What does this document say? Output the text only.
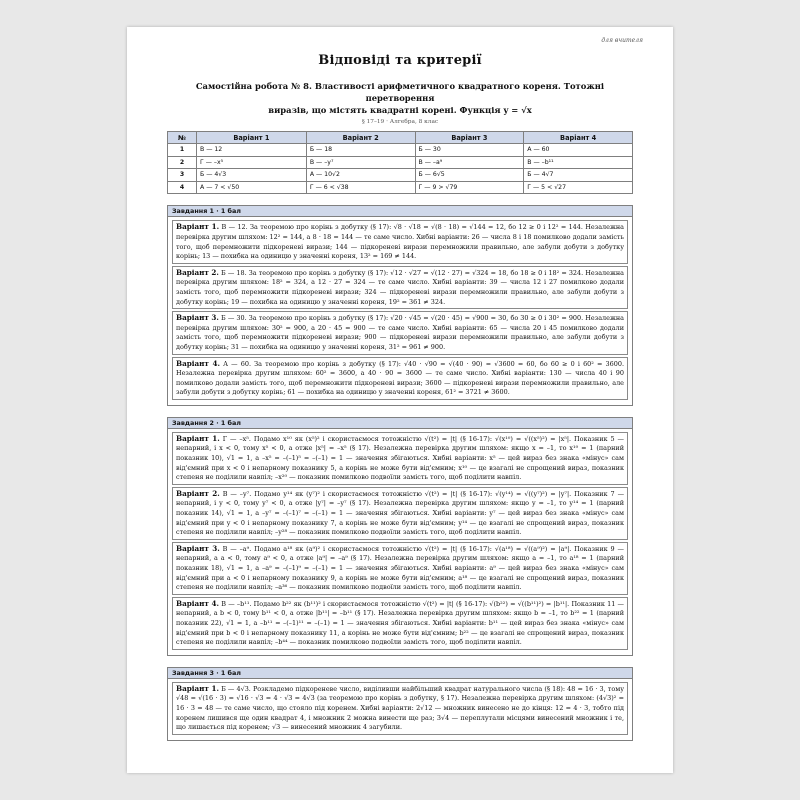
для вчителя
Відповіді та критерії
Самостійна робота № 8. Властивості арифметичного квадратного кореня. Тотожні перетворення
виразів, що містять квадратні корені. Функція y = √x
§ 17–19 · Алгебра, 8 клас
№	Варіант 1	Варіант 2	Варіант 3	Варіант 4
1	В — 12	Б — 18	Б — 30	А — 60
2	Г — –x⁵	В — –y⁷	В — –a⁹	В — –b¹¹
3	Б — 4√3	А — 10√2	Б — 6√5	Б — 4√7
4	А — 7 < √50	Г — 6 < √38	Г — 9 > √79	Г — 5 < √27
Завдання 1 · 1 бал
Варіант 1. В — 12. За теоремою про корінь з добутку (§ 17): √8 · √18 = √(8 · 18) = √144 = 12, бо 12 ≥ 0 і 12² = 144. Незалежна перевірка другим шляхом: 12² = 144, а 8 · 18 = 144 — те саме число. Хибні варіанти: 26 — числа 8 і 18 помилково додали замість того, щоб перемножити підкореневі вирази; 144 — підкореневі вирази перемножили правильно, але забули добути з добутку корінь; 13 — похибка на одиницю у значенні кореня, 13² = 169 ≠ 144.
Варіант 2. Б — 18. За теоремою про корінь з добутку (§ 17): √12 · √27 = √(12 · 27) = √324 = 18, бо 18 ≥ 0 і 18² = 324. Незалежна перевірка другим шляхом: 18² = 324, а 12 · 27 = 324 — те саме число. Хибні варіанти: 39 — числа 12 і 27 помилково додали замість того, щоб перемножити підкореневі вирази; 324 — підкореневі вирази перемножили правильно, але забули добути з добутку корінь; 19 — похибка на одиницю у значенні кореня, 19² = 361 ≠ 324.
Варіант 3. Б — 30. За теоремою про корінь з добутку (§ 17): √20 · √45 = √(20 · 45) = √900 = 30, бо 30 ≥ 0 і 30² = 900. Незалежна перевірка другим шляхом: 30² = 900, а 20 · 45 = 900 — те саме число. Хибні варіанти: 65 — числа 20 і 45 помилково додали замість того, щоб перемножити підкореневі вирази; 900 — підкореневі вирази перемножили правильно, але забули добути з добутку корінь; 31 — похибка на одиницю у значенні кореня, 31² = 961 ≠ 900.
Варіант 4. А — 60. За теоремою про корінь з добутку (§ 17): √40 · √90 = √(40 · 90) = √3600 = 60, бо 60 ≥ 0 і 60² = 3600. Незалежна перевірка другим шляхом: 60² = 3600, а 40 · 90 = 3600 — те саме число. Хибні варіанти: 130 — числа 40 і 90 помилково додали замість того, щоб перемножити підкореневі вирази; 3600 — підкореневі вирази перемножили правильно, але забули добути з добутку корінь; 61 — похибка на одиницю у значенні кореня, 61² = 3721 ≠ 3600.
Завдання 2 · 1 бал
Варіант 1. Г — –x⁵. Подамо x¹⁰ як (x⁵)² і скористаємося тотожністю √(t²) = |t| (§ 16-17): √(x¹⁰) = √((x⁵)²) = |x⁵|. Показник 5 — непарний, і x < 0, тому x⁵ < 0, а отже |x⁵| = –x⁵ (§ 17). Незалежна перевірка другим шляхом: якщо x = –1, то x¹⁰ = 1 (парний показник 10), √1 = 1, а –x⁵ = –(–1)⁵ = –(–1) = 1 — значення збігаються. Хибні варіанти: x⁵ — цей вираз без знака «мінус» сам від'ємний при x < 0 і непарному показнику 5, а корінь не може бути від'ємним; x¹⁰ — це взагалі не спрощений вираз, показник степеня не поділили навпіл; –x²⁰ — показник помилково подвоїли замість того, щоб поділити навпіл.
Варіант 2. В — –y⁷. Подамо y¹⁴ як (y⁷)² і скористаємося тотожністю √(t²) = |t| (§ 16-17): √(y¹⁴) = √((y⁷)²) = |y⁷|. Показник 7 — непарний, і y < 0, тому y⁷ < 0, а отже |y⁷| = –y⁷ (§ 17). Незалежна перевірка другим шляхом: якщо y = –1, то y¹⁴ = 1 (парний показник 14), √1 = 1, а –y⁷ = –(–1)⁷ = –(–1) = 1 — значення збігаються. Хибні варіанти: y⁷ — цей вираз без знака «мінус» сам від'ємний при y < 0 і непарному показнику 7, а корінь не може бути від'ємним; y¹⁴ — це взагалі не спрощений вираз, показник степеня не поділили навпіл; –y²⁸ — показник помилково подвоїли замість того, щоб поділити навпіл.
Варіант 3. В — –a⁹. Подамо a¹⁸ як (a⁹)² і скористаємося тотожністю √(t²) = |t| (§ 16-17): √(a¹⁸) = √((a⁹)²) = |a⁹|. Показник 9 — непарний, а a < 0, тому a⁹ < 0, а отже |a⁹| = –a⁹ (§ 17). Незалежна перевірка другим шляхом: якщо a = –1, то a¹⁸ = 1 (парний показник 18), √1 = 1, а –a⁹ = –(–1)⁹ = –(–1) = 1 — значення збігаються. Хибні варіанти: a⁹ — цей вираз без знака «мінус» сам від'ємний при a < 0 і непарному показнику 9, а корінь не може бути від'ємним; a¹⁸ — це взагалі не спрощений вираз, показник степеня не поділили навпіл; –a³⁶ — показник помилково подвоїли замість того, щоб поділити навпіл.
Варіант 4. В — –b¹¹. Подамо b²² як (b¹¹)² і скористаємося тотожністю √(t²) = |t| (§ 16-17): √(b²²) = √((b¹¹)²) = |b¹¹|. Показник 11 — непарний, а b < 0, тому b¹¹ < 0, а отже |b¹¹| = –b¹¹ (§ 17). Незалежна перевірка другим шляхом: якщо b = –1, то b²² = 1 (парний показник 22), √1 = 1, а –b¹¹ = –(–1)¹¹ = –(–1) = 1 — значення збігаються. Хибні варіанти: b¹¹ — цей вираз без знака «мінус» сам від'ємний при b < 0 і непарному показнику 11, а корінь не може бути від'ємним; b²² — це взагалі не спрощений вираз, показник степеня не поділили навпіл; –b⁴⁴ — показник помилково подвоїли замість того, щоб поділити навпіл.
Завдання 3 · 1 бал
Варіант 1. Б — 4√3. Розкладемо підкореневе число, виділивши найбільший квадрат натурального числа (§ 18): 48 = 16 · 3, тому √48 = √(16 · 3) = √16 · √3 = 4 · √3 = 4√3 (за теоремою про корінь з добутку, § 17). Незалежна перевірка другим шляхом: (4√3)² = 16 · 3 = 48 — те саме число, що стояло під коренем. Хибні варіанти: 2√12 — множник винесено не до кінця: 12 = 4 · 3, тобто під коренем лишився ще один квадрат 4, і множник 2 можна винести ще раз; 3√4 — переплутали місцями винесений множник і те, що лишається під коренем; √3 — винесений множник 4 загубили.
